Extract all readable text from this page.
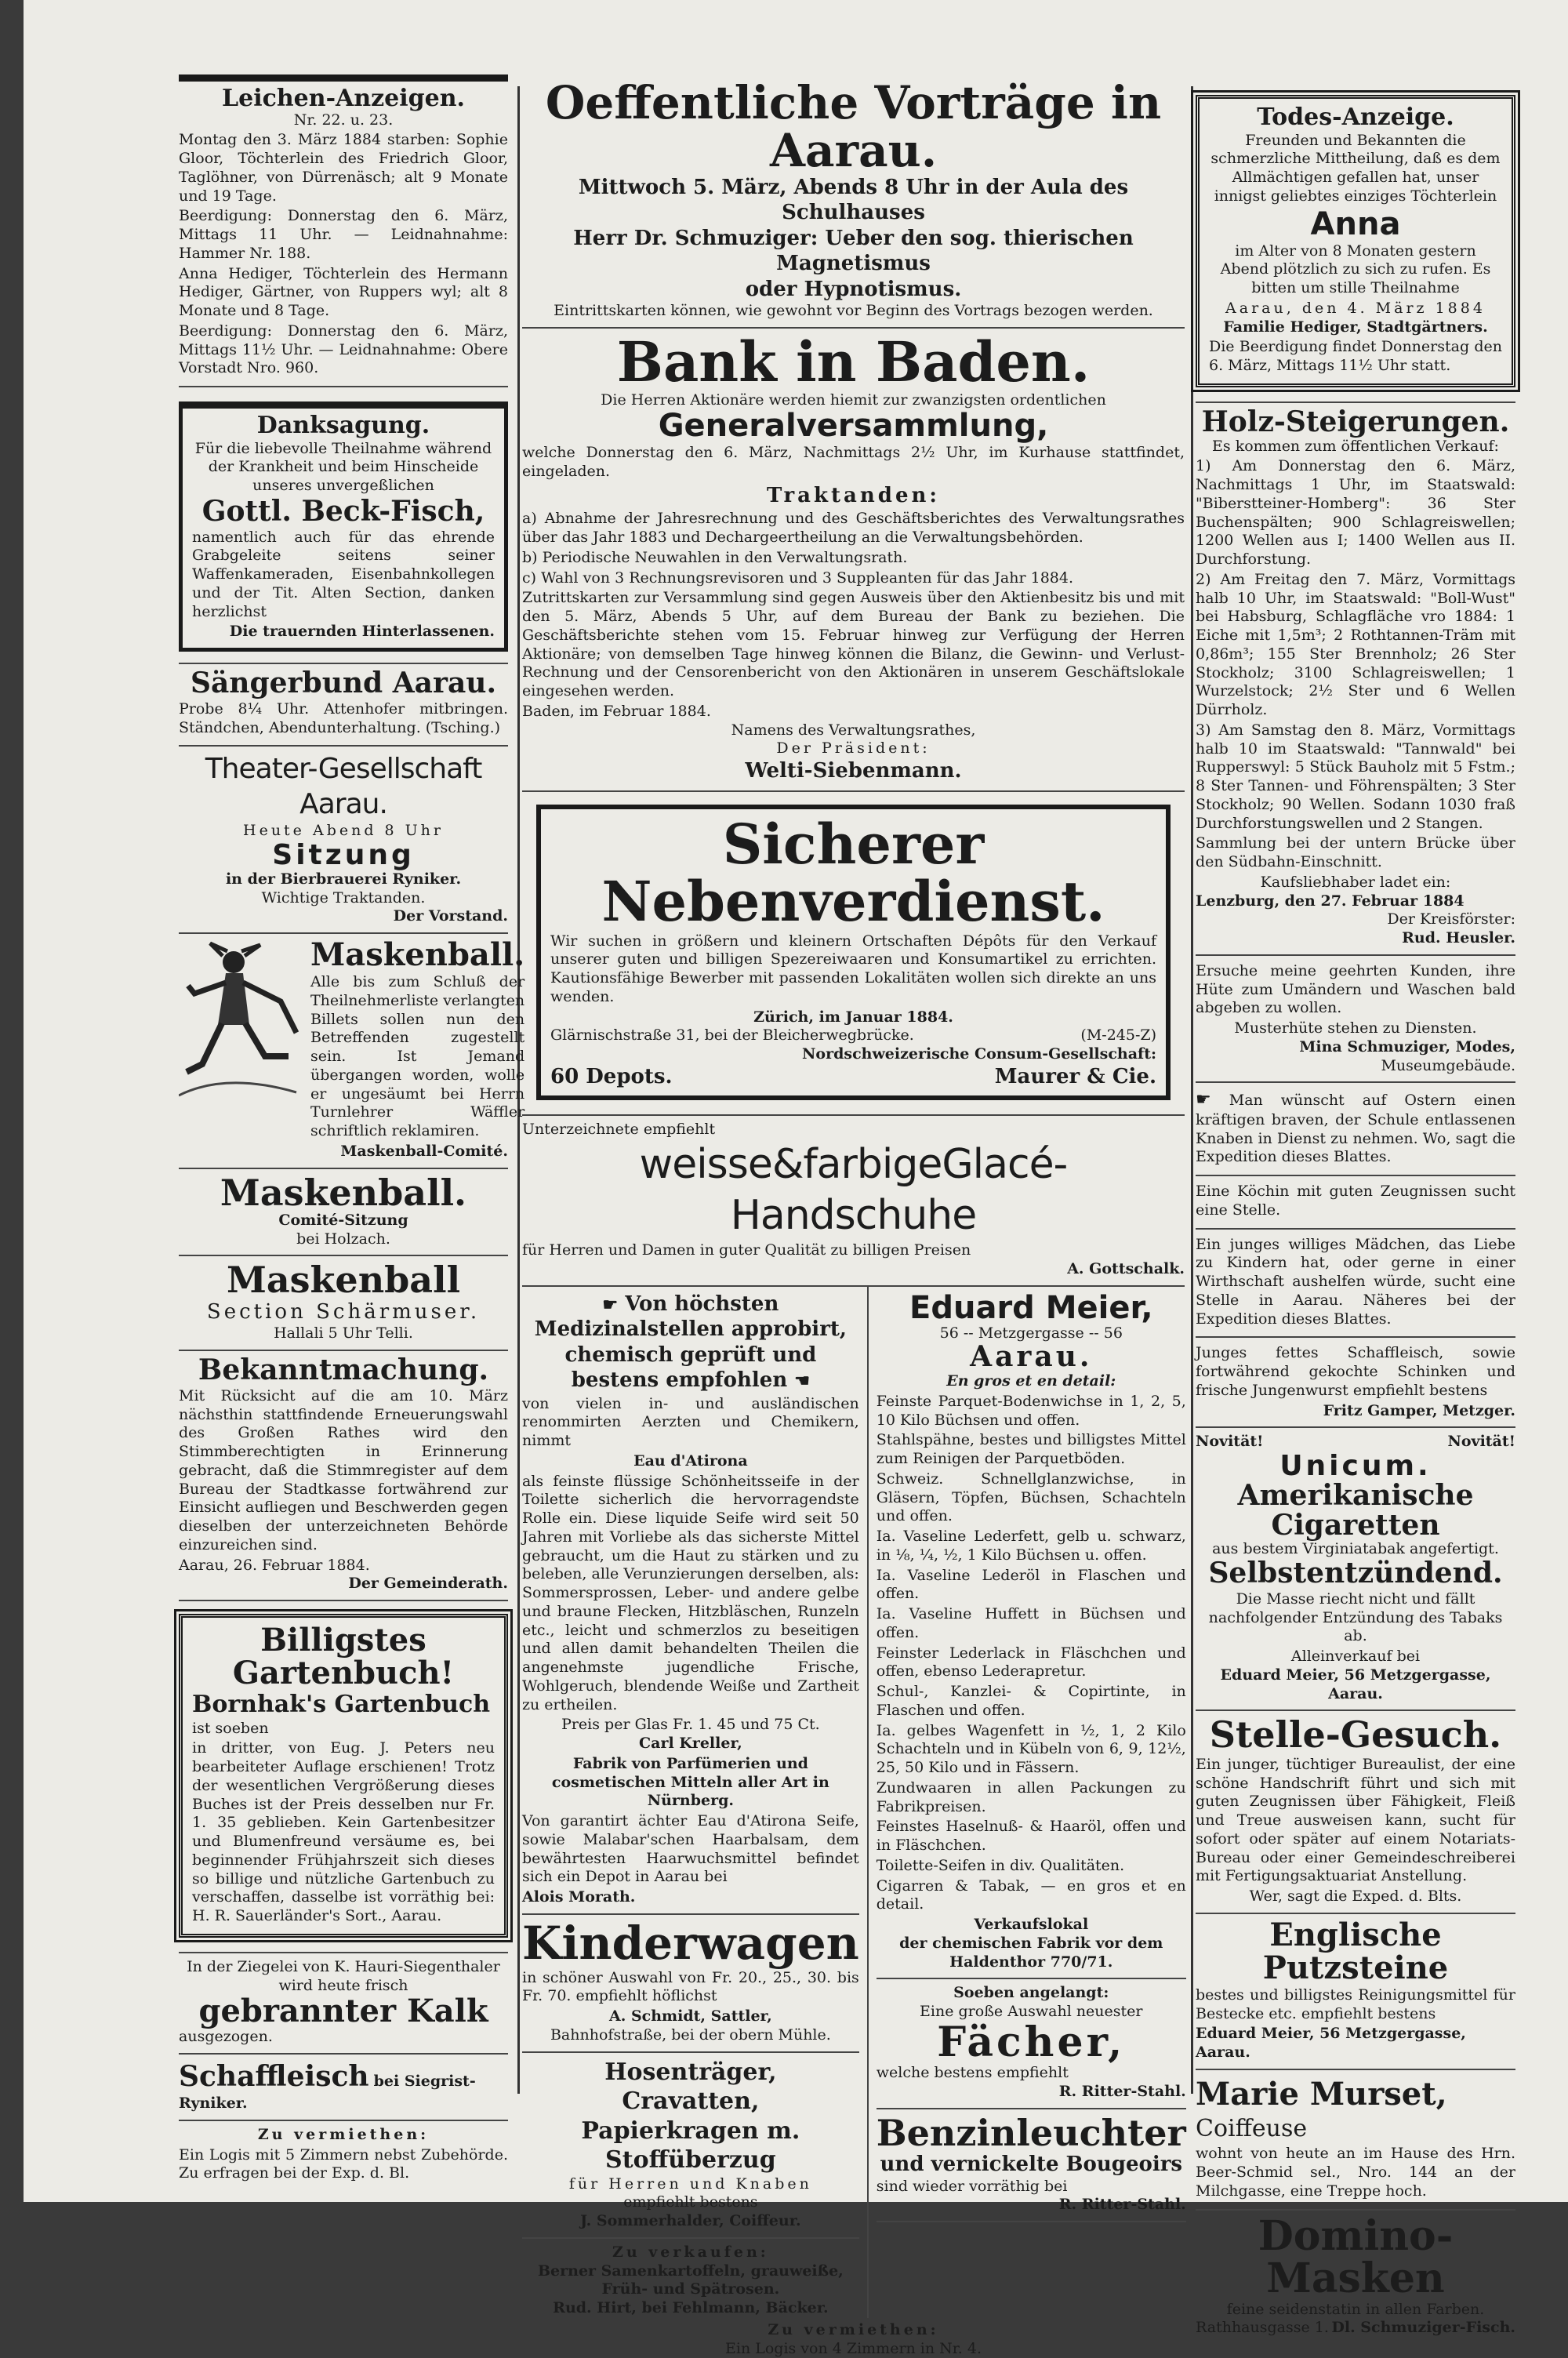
Leichen-Anzeigen.
Nr. 22. u. 23.

Montag den 3. März 1884 starben: Sophie Gloor, Töchterlein des Friedrich Gloor, Taglöhner, von Dürrenäsch; alt 9 Monate und 19 Tage.

Beerdigung: Donnerstag den 6. März, Mittags 11 Uhr. — Leidnahnahme: Hammer Nr. 188.

Anna Hediger, Töchterlein des Hermann Hediger, Gärtner, von Ruppers wyl; alt 8 Monate und 8 Tage.

Beerdigung: Donnerstag den 6. März, Mittags 11½ Uhr. — Leidnahnahme: Obere Vorstadt Nro. 960.

Danksagung.

Für die liebevolle Theilnahme während der Krankheit und beim Hinscheide unseres unvergeßlichen

Gottl. Beck-Fisch,

namentlich auch für das ehrende Grabgeleite seitens seiner Waffenkameraden, Eisenbahnkollegen und der Tit. Alten Section, danken herzlichst

Die trauernden Hinterlassenen.
Sängerbund Aarau.

Probe 8¼ Uhr. Attenhofer mitbringen. Ständchen, Abendunterhaltung. (Tsching.)

Theater-Gesellschaft Aarau.
Heute Abend 8 Uhr
Sitzung
in der Bierbrauerei Ryniker.
Wichtige Traktanden.
Der Vorstand.
Maskenball.

Alle bis zum Schluß der Theilnehmerliste verlangten Billets sollen nun den Betreffenden zugestellt sein. Ist Jemand übergangen worden, wolle er ungesäumt bei Herrn Turnlehrer Wäffler schriftlich reklamiren.

Maskenball-Comité.
Maskenball.
Comité-Sitzung
bei Holzach.
Maskenball
Section Schärmuser.
Hallali 5 Uhr Telli.
Bekanntmachung.

Mit Rücksicht auf die am 10. März nächsthin stattfindende Erneuerungswahl des Großen Rathes wird den Stimmberechtigten in Erinnerung gebracht, daß die Stimmregister auf dem Bureau der Stadtkasse fortwährend zur Einsicht aufliegen und Beschwerden gegen dieselben der unterzeichneten Behörde einzureichen sind.

Aarau, 26. Februar 1884.
Der Gemeinderath.
Billigstes Gartenbuch!
Bornhak's Gartenbuch ist soeben

in dritter, von Eug. J. Peters neu bearbeiteter Auflage erschienen! Trotz der wesentlichen Vergrößerung dieses Buches ist der Preis desselben nur Fr. 1. 35 geblieben. Kein Gartenbesitzer und Blumenfreund versäume es, bei beginnender Frühjahrszeit sich dieses so billige und nützliche Gartenbuch zu verschaffen, dasselbe ist vorräthig bei: H. R. Sauerländer's Sort., Aarau.

In der Ziegelei von K. Hauri-Siegenthaler wird heute frisch
gebrannter Kalk
ausgezogen.
Schaffleisch bei Siegrist-Ryniker.
Zu vermiethen:

Ein Logis mit 5 Zimmern nebst Zubehörde. Zu erfragen bei der Exp. d. Bl.

Oeffentliche Vorträge in Aarau.
Mittwoch 5. März, Abends 8 Uhr in der Aula des Schulhauses
Herr Dr. Schmuziger: Ueber den sog. thierischen Magnetismus
oder Hypnotismus.
Eintrittskarten können, wie gewohnt vor Beginn des Vortrags bezogen werden.
Bank in Baden.
Die Herren Aktionäre werden hiemit zur zwanzigsten ordentlichen
Generalversammlung,

welche Donnerstag den 6. März, Nachmittags 2½ Uhr, im Kurhause stattfindet, eingeladen.

Traktanden:

a) Abnahme der Jahresrechnung und des Geschäftsberichtes des Verwaltungsrathes über das Jahr 1883 und Dechargeertheilung an die Verwaltungsbehörden.

b) Periodische Neuwahlen in den Verwaltungsrath.

c) Wahl von 3 Rechnungsrevisoren und 3 Suppleanten für das Jahr 1884.

Zutrittskarten zur Versammlung sind gegen Ausweis über den Aktienbesitz bis und mit den 5. März, Abends 5 Uhr, auf dem Bureau der Bank zu beziehen. Die Geschäftsberichte stehen vom 15. Februar hinweg zur Verfügung der Herren Aktionäre; von demselben Tage hinweg können die Bilanz, die Gewinn- und Verlust-Rechnung und der Censorenbericht von den Aktionären in unserem Geschäftslokale eingesehen werden.

Baden, im Februar 1884.
Namens des Verwaltungsrathes,
Der Präsident:
Welti-Siebenmann.
Sicherer Nebenverdienst.

Wir suchen in größern und kleinern Ortschaften Dépôts für den Verkauf unserer guten und billigen Spezereiwaaren und Konsumartikel zu errichten. Kautionsfähige Bewerber mit passenden Lokalitäten wollen sich direkte an uns wenden.

Zürich, im Januar 1884.
Glärnischstraße 31, bei der Bleicherwegbrücke.	(M-245-Z)
Nordschweizerische Consum-Gesellschaft:
60 Depots.	Maurer & Cie.
Unterzeichnete empfiehlt
weisse&farbigeGlacé-Handschuhe
für Herren und Damen in guter Qualität zu billigen Preisen
A. Gottschalk.
☛ Von höchsten Medizinalstellen approbirt, chemisch geprüft und bestens empfohlen ☚

von vielen in- und ausländischen renommirten Aerzten und Chemikern, nimmt

Eau d'Atirona

als feinste flüssige Schönheitsseife in der Toilette sicherlich die hervorragendste Rolle ein. Diese liquide Seife wird seit 50 Jahren mit Vorliebe als das sicherste Mittel gebraucht, um die Haut zu stärken und zu beleben, alle Verunzierungen derselben, als: Sommersprossen, Leber- und andere gelbe und braune Flecken, Hitzbläschen, Runzeln etc., leicht und schmerzlos zu beseitigen und allen damit behandelten Theilen die angenehmste jugendliche Frische, Wohlgeruch, blendende Weiße und Zartheit zu ertheilen.

Preis per Glas Fr. 1. 45 und 75 Ct.
Carl Kreller,

Fabrik von Parfümerien und cosmetischen Mitteln aller Art in Nürnberg.

Von garantirt ächter Eau d'Atirona Seife, sowie Malabar'schen Haarbalsam, dem bewährtesten Haarwuchsmittel befindet sich ein Depot in Aarau bei

Alois Morath.
Kinderwagen

in schöner Auswahl von Fr. 20., 25., 30. bis Fr. 70. empfiehlt höflichst

A. Schmidt, Sattler,
Bahnhofstraße, bei der obern Mühle.
Hosenträger,
Cravatten,
Papierkragen m. Stoffüberzug
für Herren und Knaben
empfiehlt bestens
J. Sommerhalder, Coiffeur.
Zu verkaufen:
Berner Samenkartoffeln, grauweiße, Früh- und Spätrosen.
Rud. Hirt, bei Fehlmann, Bäcker.
Eduard Meier,
56 -- Metzgergasse -- 56
Aarau.
En gros et en detail:

Feinste Parquet-Bodenwichse in 1, 2, 5, 10 Kilo Büchsen und offen.

Stahlspähne, bestes und billigstes Mittel zum Reinigen der Parquetböden.

Schweiz. Schnellglanzwichse, in Gläsern, Töpfen, Büchsen, Schachteln und offen.

Ia. Vaseline Lederfett, gelb u. schwarz, in ⅛, ¼, ½, 1 Kilo Büchsen u. offen.

Ia. Vaseline Lederöl in Flaschen und offen.

Ia. Vaseline Huffett in Büchsen und offen.

Feinster Lederlack in Fläschchen und offen, ebenso Lederapretur.

Schul-, Kanzlei- & Copirtinte, in Flaschen und offen.

Ia. gelbes Wagenfett in ½, 1, 2 Kilo Schachteln und in Kübeln von 6, 9, 12½, 25, 50 Kilo und in Fässern.

Zundwaaren in allen Packungen zu Fabrikpreisen.

Feinstes Haselnuß- & Haaröl, offen und in Fläschchen.

Toilette-Seifen in div. Qualitäten.

Cigarren & Tabak, — en gros et en detail.

Verkaufslokal
der chemischen Fabrik vor dem Haldenthor 770/71.
Soeben angelangt:
Eine große Auswahl neuester
Fächer,
welche bestens empfiehlt
R. Ritter-Stahl.
Benzinleuchter
und vernickelte Bougeoirs
sind wieder vorräthig bei
R. Ritter-Stahl.
Zu vermiethen:
Ein Logis von 4 Zimmern in Nr. 4.
Todes-Anzeige.

Freunden und Bekannten die schmerzliche Mittheilung, daß es dem Allmächtigen gefallen hat, unser innigst geliebtes einziges Töchterlein

Anna

im Alter von 8 Monaten gestern Abend plötzlich zu sich zu rufen. Es bitten um stille Theilnahme

Aarau, den 4. März 1884
Familie Hediger, Stadtgärtners.

Die Beerdigung findet Donnerstag den 6. März, Mittags 11½ Uhr statt.

Holz-Steigerungen.
Es kommen zum öffentlichen Verkauf:

1) Am Donnerstag den 6. März, Nachmittags 1 Uhr, im Staatswald: "Biberstteiner-Homberg": 36 Ster Buchenspälten; 900 Schlagreiswellen; 1200 Wellen aus I; 1400 Wellen aus II. Durchforstung.

2) Am Freitag den 7. März, Vormittags halb 10 Uhr, im Staatswald: "Boll-Wust" bei Habsburg, Schlagfläche vro 1884: 1 Eiche mit 1,5m³; 2 Rothtannen-Träm mit 0,86m³; 155 Ster Brennholz; 26 Ster Stockholz; 3100 Schlagreiswellen; 1 Wurzelstock; 2½ Ster und 6 Wellen Dürrholz.

3) Am Samstag den 8. März, Vormittags halb 10 im Staatswald: "Tannwald" bei Rupperswyl: 5 Stück Bauholz mit 5 Fstm.; 8 Ster Tannen- und Föhrenspälten; 3 Ster Stockholz; 90 Wellen. Sodann 1030 fraß Durchforstungswellen und 2 Stangen.

Sammlung bei der untern Brücke über den Südbahn-Einschnitt.

Kaufsliebhaber ladet ein:
Lenzburg, den 27. Februar 1884
Der Kreisförster:
Rud. Heusler.

Ersuche meine geehrten Kunden, ihre Hüte zum Umändern und Waschen bald abgeben zu wollen.

Musterhüte stehen zu Diensten.
Mina Schmuziger, Modes,
Museumgebäude.

☛ Man wünscht auf Ostern einen kräftigen braven, der Schule entlassenen Knaben in Dienst zu nehmen. Wo, sagt die Expedition dieses Blattes.

Eine Köchin mit guten Zeugnissen sucht eine Stelle.

Ein junges williges Mädchen, das Liebe zu Kindern hat, oder gerne in einer Wirthschaft aushelfen würde, sucht eine Stelle in Aarau. Näheres bei der Expedition dieses Blattes.

Junges fettes Schaffleisch, sowie fortwährend gekochte Schinken und frische Jungenwurst empfiehlt bestens

Fritz Gamper, Metzger.
Novität!	Novität!
Unicum.
Amerikanische Cigaretten
aus bestem Virginiatabak angefertigt.
Selbstentzündend.

Die Masse riecht nicht und fällt nachfolgender Entzündung des Tabaks ab.

Alleinverkauf bei
Eduard Meier, 56 Metzgergasse, Aarau.
Stelle-Gesuch.

Ein junger, tüchtiger Bureaulist, der eine schöne Handschrift führt und sich mit guten Zeugnissen über Fähigkeit, Fleiß und Treue ausweisen kann, sucht für sofort oder später auf einem Notariats-Bureau oder einer Gemeindeschreiberei mit Fertigungsaktuariat Anstellung.

Wer, sagt die Exped. d. Blts.
Englische Putzsteine

bestes und billigstes Reinigungsmittel für Bestecke etc. empfiehlt bestens

Eduard Meier, 56 Metzgergasse, Aarau.
Marie Murset, Coiffeuse

wohnt von heute an im Hause des Hrn. Beer-Schmid sel., Nro. 144 an der Milchgasse, eine Treppe hoch.

Domino-Masken
feine seidenstatin in allen Farben.
Rathhausgasse 1. Dl. Schmuziger-Fisch.
